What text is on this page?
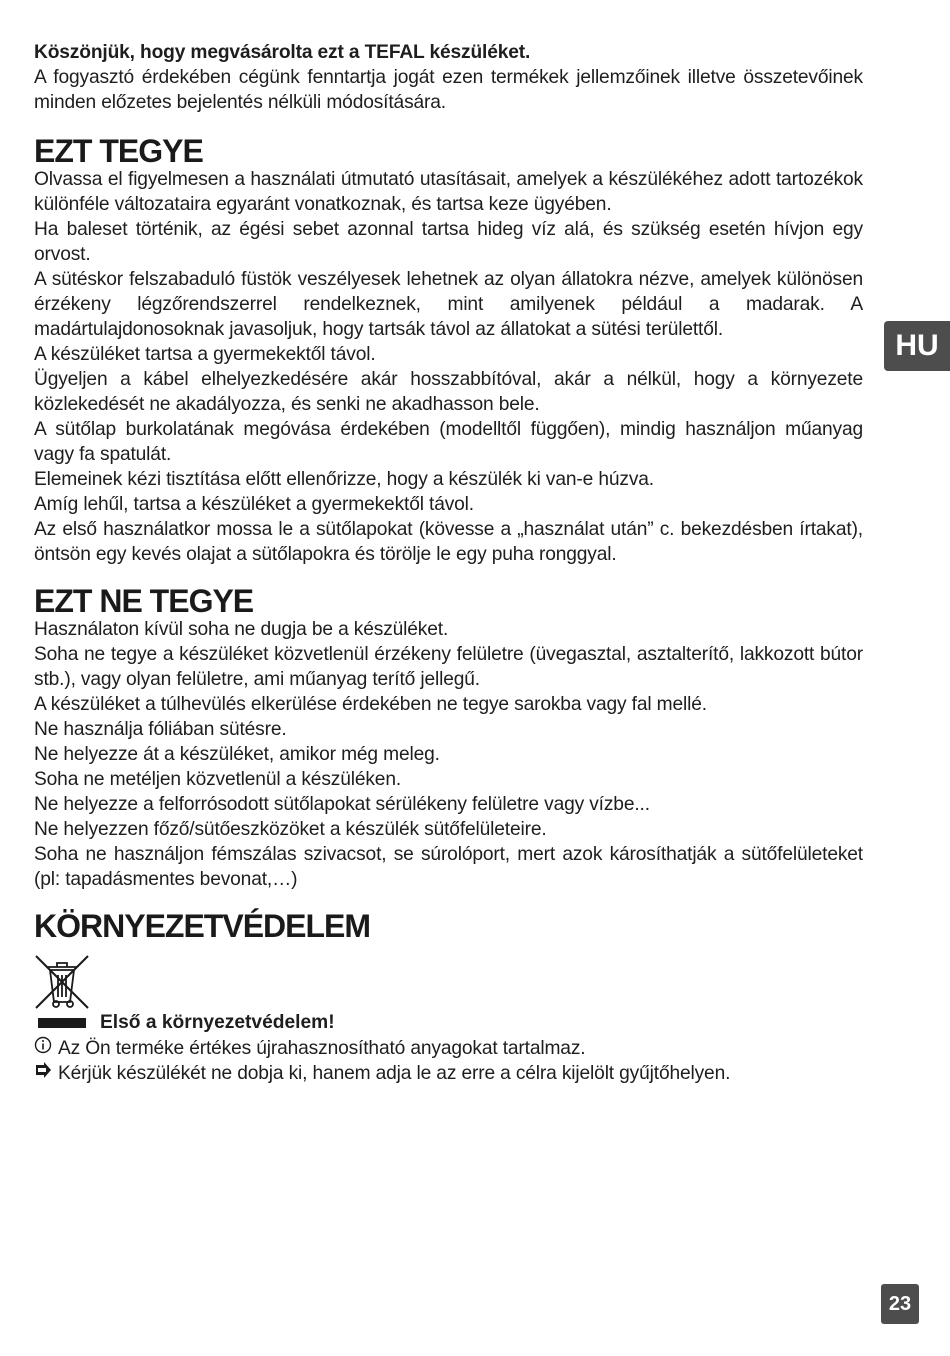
Köszönjük, hogy megvásárolta ezt a TEFAL készüléket.

A fogyasztó érdekében cégünk fenntartja jogát ezen termékek jellemzőinek illetve összetevőinek minden előzetes bejelentés nélküli módosítására.

EZT TEGYE

Olvassa el figyelmesen a használati útmutató utasításait, amelyek a készülékéhez adott tartozékok különféle változataira egyaránt vonatkoznak, és tartsa keze ügyében.

Ha baleset történik, az égési sebet azonnal tartsa hideg víz alá, és szükség esetén hívjon egy orvost.

A sütéskor felszabaduló füstök veszélyesek lehetnek az olyan állatokra nézve, amelyek különösen érzékeny légzőrendszerrel rendelkeznek, mint amilyenek például a madarak. A madártulajdonosoknak javasoljuk, hogy tartsák távol az állatokat a sütési területtől.

A készüléket tartsa a gyermekektől távol.

Ügyeljen a kábel elhelyezkedésére akár hosszabbítóval, akár a nélkül, hogy a környezete közlekedését ne akadályozza, és senki ne akadhasson bele.

A sütőlap burkolatának megóvása érdekében (modelltől függően), mindig használjon műanyag vagy fa spatulát.

Elemeinek kézi tisztítása előtt ellenőrizze, hogy a készülék ki van-e húzva.

Amíg lehűl, tartsa a készüléket a gyermekektől távol.

Az első használatkor mossa le a sütőlapokat (kövesse a „használat után” c. bekezdésben írtakat), öntsön egy kevés olajat a sütőlapokra és törölje le egy puha ronggyal.

EZT NE TEGYE

Használaton kívül soha ne dugja be a készüléket.

Soha ne tegye a készüléket közvetlenül érzékeny felületre (üvegasztal, asztalterítő, lakkozott bútor stb.), vagy olyan felületre, ami műanyag terítő jellegű.

A készüléket a túlhevülés elkerülése érdekében ne tegye sarokba vagy fal mellé.

Ne használja fóliában sütésre.

Ne helyezze át a készüléket, amikor még meleg.

Soha ne metéljen közvetlenül a készüléken.

Ne helyezze a felforrósodott sütőlapokat sérülékeny felületre vagy vízbe...

Ne helyezzen főző/sütőeszközöket a készülék sütőfelületeire.

Soha ne használjon fémszálas szivacsot, se súrolóport, mert azok károsíthatják a sütőfelületeket (pl: tapadásmentes bevonat,…)

KÖRNYEZETVÉDELEM
Első a környezetvédelem!

Az Ön terméke értékes újrahasznosítható anyagokat tartalmaz.

Kérjük készülékét ne dobja ki, hanem adja le az erre a célra kijelölt gyűjtőhelyen.

HU
23
